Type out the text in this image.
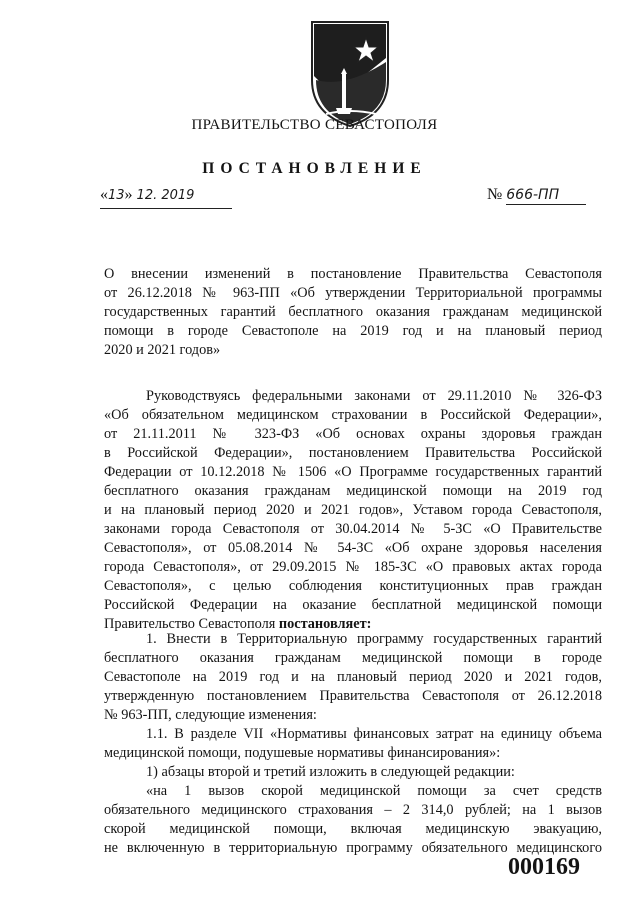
ПРАВИТЕЛЬСТВО СЕВАСТОПОЛЯ
ПОСТАНОВЛЕНИЕ
«13» 12. 2019	№ 666-ПП
О внесении изменений в постановление Правительства Севастополя
от 26.12.2018 № 963-ПП «Об утверждении Территориальной программы
государственных гарантий бесплатного оказания гражданам медицинской
помощи в городе Севастополе на 2019 год и на плановый период
2020 и 2021 годов»
Руководствуясь федеральными законами от 29.11.2010 № 326-ФЗ
«Об обязательном медицинском страховании в Российской Федерации»,
от 21.11.2011 № 323-ФЗ «Об основах охраны здоровья граждан
в Российской Федерации», постановлением Правительства Российской
Федерации от 10.12.2018 № 1506 «О Программе государственных гарантий
бесплатного оказания гражданам медицинской помощи на 2019 год
и на плановый период 2020 и 2021 годов», Уставом города Севастополя,
законами города Севастополя от 30.04.2014 № 5-ЗС «О Правительстве
Севастополя», от 05.08.2014 № 54-ЗС «Об охране здоровья населения
города Севастополя», от 29.09.2015 № 185-ЗС «О правовых актах города
Севастополя», с целью соблюдения конституционных прав граждан
Российской Федерации на оказание бесплатной медицинской помощи
Правительство Севастополя постановляет:
1. Внести в Территориальную программу государственных гарантий
бесплатного оказания гражданам медицинской помощи в городе
Севастополе на 2019 год и на плановый период 2020 и 2021 годов,
утвержденную постановлением Правительства Севастополя от 26.12.2018
№ 963-ПП, следующие изменения:
1.1. В разделе VII «Нормативы финансовых затрат на единицу объема
медицинской помощи, подушевые нормативы финансирования»:
1) абзацы второй и третий изложить в следующей редакции:
«на 1 вызов скорой медицинской помощи за счет средств
обязательного медицинского страхования – 2 314,0 рублей; на 1 вызов
скорой медицинской помощи, включая медицинскую эвакуацию,
не включенную в территориальную программу обязательного медицинского
000169
